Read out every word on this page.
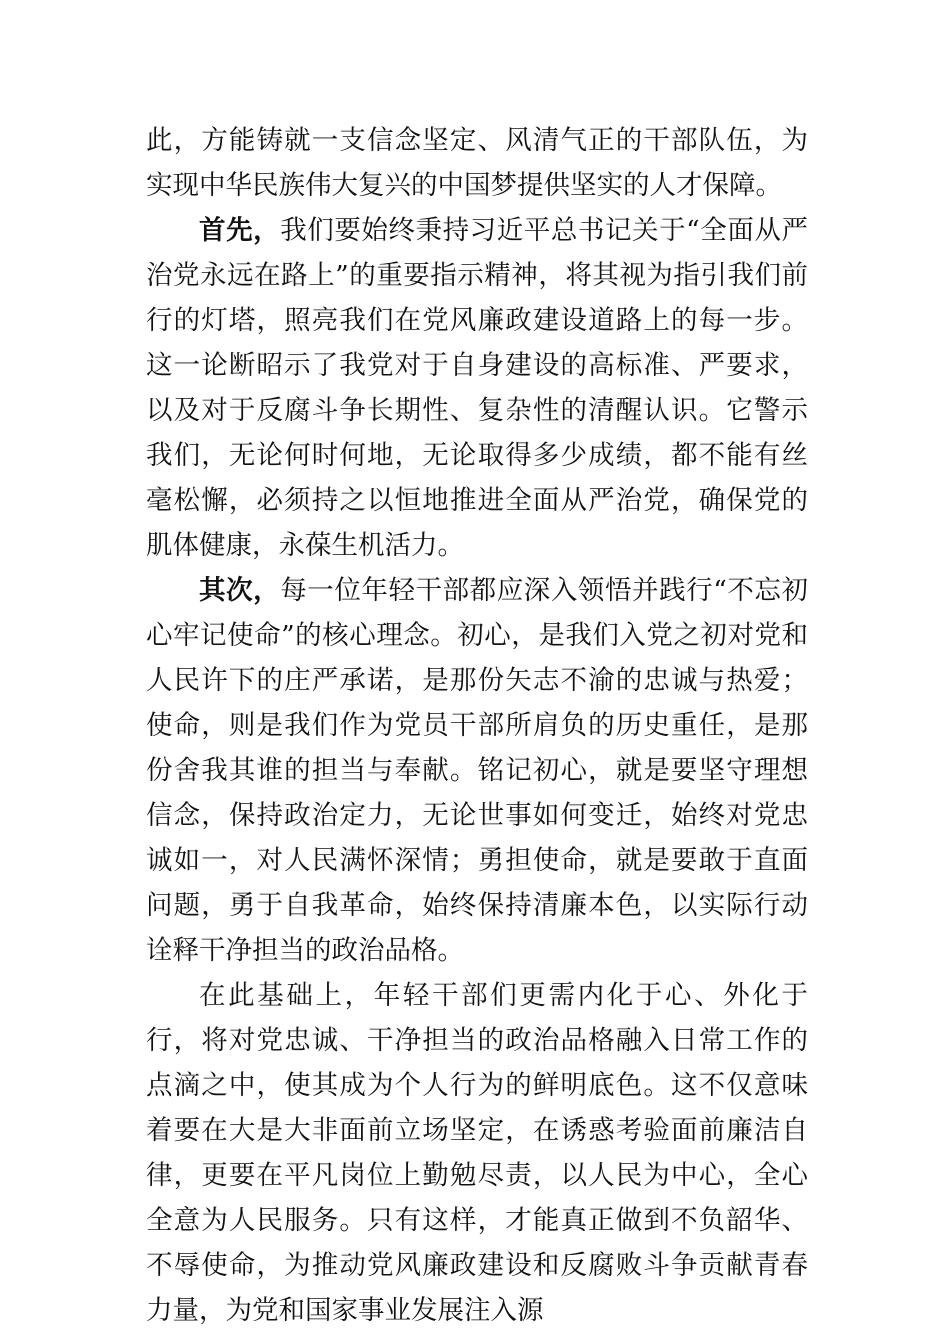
此，方能铸就一支信念坚定、风清气正的干部队伍，为实现中华民族伟大复兴的中国梦提供坚实的人才保障。

首先，我们要始终秉持习近平总书记关于“全面从严治党永远在路上”的重要指示精神，将其视为指引我们前行的灯塔，照亮我们在党风廉政建设道路上的每一步。这一论断昭示了我党对于自身建设的高标准、严要求，以及对于反腐斗争长期性、复杂性的清醒认识。它警示我们，无论何时何地，无论取得多少成绩，都不能有丝毫松懈，必须持之以恒地推进全面从严治党，确保党的肌体健康，永葆生机活力。

其次，每一位年轻干部都应深入领悟并践行“不忘初心牢记使命”的核心理念。初心，是我们入党之初对党和人民许下的庄严承诺，是那份矢志不渝的忠诚与热爱；使命，则是我们作为党员干部所肩负的历史重任，是那份舍我其谁的担当与奉献。铭记初心，就是要坚守理想信念，保持政治定力，无论世事如何变迁，始终对党忠诚如一，对人民满怀深情；勇担使命，就是要敢于直面问题，勇于自我革命，始终保持清廉本色，以实际行动诠释干净担当的政治品格。

在此基础上，年轻干部们更需内化于心、外化于行，将对党忠诚、干净担当的政治品格融入日常工作的点滴之中，使其成为个人行为的鲜明底色。这不仅意味着要在大是大非面前立场坚定，在诱惑考验面前廉洁自律，更要在平凡岗位上勤勉尽责，以人民为中心，全心全意为人民服务。只有这样，才能真正做到不负韶华、不辱使命，为推动党风廉政建设和反腐败斗争贡献青春力量，为党和国家事业发展注入源
